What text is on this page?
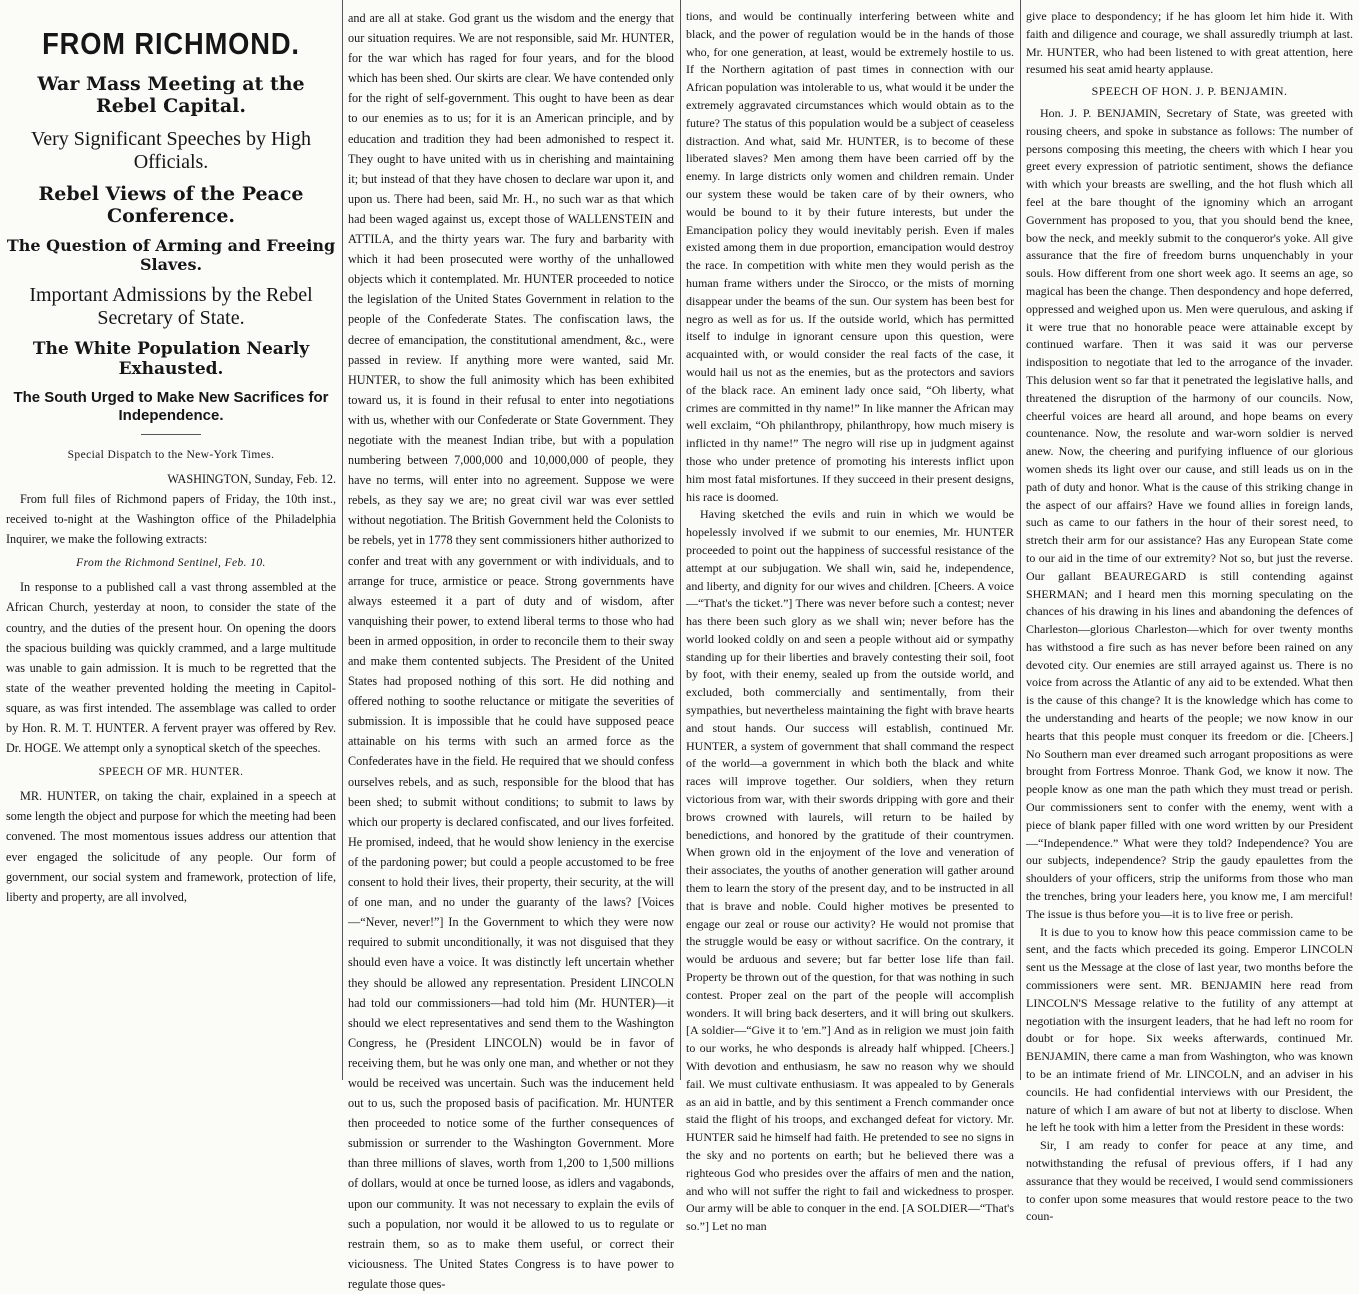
FROM RICHMOND.
War Mass Meeting at the Rebel Capital.
Very Significant Speeches by High Officials.
Rebel Views of the Peace Conference.
The Question of Arming and Freeing Slaves.
Important Admissions by the Rebel Secretary of State.
The White Population Nearly Exhausted.
The South Urged to Make New Sacrifices for Independence.

Special Dispatch to the New-York Times.

WASHINGTON, Sunday, Feb. 12.

From full files of Richmond papers of Friday, the 10th inst., received to-night at the Washington office of the Philadelphia Inquirer, we make the following extracts:

From the Richmond Sentinel, Feb. 10.

In response to a published call a vast throng assembled at the African Church, yesterday at noon, to consider the state of the country, and the duties of the present hour. On opening the doors the spacious building was quickly crammed, and a large multitude was unable to gain admission. It is much to be regretted that the state of the weather prevented holding the meeting in Capitol-square, as was first intended. The assemblage was called to order by Hon. R. M. T. HUNTER. A fervent prayer was offered by Rev. Dr. HOGE. We attempt only a synoptical sketch of the speeches.

SPEECH OF MR. HUNTER.

MR. HUNTER, on taking the chair, explained in a speech at some length the object and purpose for which the meeting had been convened. The most momentous issues address our attention that ever engaged the solicitude of any people. Our form of government, our social system and framework, protection of life, liberty and property, are all involved,

and are all at stake. God grant us the wisdom and the energy that our situation requires. We are not responsible, said Mr. HUNTER, for the war which has raged for four years, and for the blood which has been shed. Our skirts are clear. We have contended only for the right of self-government. This ought to have been as dear to our enemies as to us; for it is an American principle, and by education and tradition they had been admonished to respect it. They ought to have united with us in cherishing and maintaining it; but instead of that they have chosen to declare war upon it, and upon us. There had been, said Mr. H., no such war as that which had been waged against us, except those of WALLENSTEIN and ATTILA, and the thirty years war. The fury and barbarity with which it had been prosecuted were worthy of the unhallowed objects which it contemplated. Mr. HUNTER proceeded to notice the legislation of the United States Government in relation to the people of the Confederate States. The confiscation laws, the decree of emancipation, the constitutional amendment, &c., were passed in review. If anything more were wanted, said Mr. HUNTER, to show the full animosity which has been exhibited toward us, it is found in their refusal to enter into negotiations with us, whether with our Confederate or State Government. They negotiate with the meanest Indian tribe, but with a population numbering between 7,000,000 and 10,000,000 of people, they have no terms, will enter into no agreement. Suppose we were rebels, as they say we are; no great civil war was ever settled without negotiation. The British Government held the Colonists to be rebels, yet in 1778 they sent commissioners hither authorized to confer and treat with any government or with individuals, and to arrange for truce, armistice or peace. Strong governments have always esteemed it a part of duty and of wisdom, after vanquishing their power, to extend liberal terms to those who had been in armed opposition, in order to reconcile them to their sway and make them contented subjects. The President of the United States had proposed nothing of this sort. He did nothing and offered nothing to soothe reluctance or mitigate the severities of submission. It is impossible that he could have supposed peace attainable on his terms with such an armed force as the Confederates have in the field. He required that we should confess ourselves rebels, and as such, responsible for the blood that has been shed; to submit without conditions; to submit to laws by which our property is declared confiscated, and our lives forfeited. He promised, indeed, that he would show leniency in the exercise of the pardoning power; but could a people accustomed to be free consent to hold their lives, their property, their security, at the will of one man, and no under the guaranty of the laws? [Voices—“Never, never!”] In the Government to which they were now required to submit unconditionally, it was not disguised that they should even have a voice. It was distinctly left uncertain whether they should be allowed any representation. President LINCOLN had told our commissioners—had told him (Mr. HUNTER)—it should we elect representatives and send them to the Washington Congress, he (President LINCOLN) would be in favor of receiving them, but he was only one man, and whether or not they would be received was uncertain. Such was the inducement held out to us, such the proposed basis of pacification. Mr. HUNTER then proceeded to notice some of the further consequences of submission or surrender to the Washington Government. More than three millions of slaves, worth from 1,200 to 1,500 millions of dollars, would at once be turned loose, as idlers and vagabonds, upon our community. It was not necessary to explain the evils of such a population, nor would it be allowed to us to regulate or restrain them, so as to make them useful, or correct their viciousness. The United States Congress is to have power to regulate those ques-

tions, and would be continually interfering between white and black, and the power of regulation would be in the hands of those who, for one generation, at least, would be extremely hostile to us. If the Northern agitation of past times in connection with our African population was intolerable to us, what would it be under the extremely aggravated circumstances which would obtain as to the future? The status of this population would be a subject of ceaseless distraction. And what, said Mr. HUNTER, is to become of these liberated slaves? Men among them have been carried off by the enemy. In large districts only women and children remain. Under our system these would be taken care of by their owners, who would be bound to it by their future interests, but under the Emancipation policy they would inevitably perish. Even if males existed among them in due proportion, emancipation would destroy the race. In competition with white men they would perish as the human frame withers under the Sirocco, or the mists of morning disappear under the beams of the sun. Our system has been best for negro as well as for us. If the outside world, which has permitted itself to indulge in ignorant censure upon this question, were acquainted with, or would consider the real facts of the case, it would hail us not as the enemies, but as the protectors and saviors of the black race. An eminent lady once said, “Oh liberty, what crimes are committed in thy name!” In like manner the African may well exclaim, “Oh philanthropy, philanthropy, how much misery is inflicted in thy name!” The negro will rise up in judgment against those who under pretence of promoting his interests inflict upon him most fatal misfortunes. If they succeed in their present designs, his race is doomed.

Having sketched the evils and ruin in which we would be hopelessly involved if we submit to our enemies, Mr. HUNTER proceeded to point out the happiness of successful resistance of the attempt at our subjugation. We shall win, said he, independence, and liberty, and dignity for our wives and children. [Cheers. A voice—“That's the ticket.”] There was never before such a contest; never has there been such glory as we shall win; never before has the world looked coldly on and seen a people without aid or sympathy standing up for their liberties and bravely contesting their soil, foot by foot, with their enemy, sealed up from the outside world, and excluded, both commercially and sentimentally, from their sympathies, but nevertheless maintaining the fight with brave hearts and stout hands. Our success will establish, continued Mr. HUNTER, a system of government that shall command the respect of the world—a government in which both the black and white races will improve together. Our soldiers, when they return victorious from war, with their swords dripping with gore and their brows crowned with laurels, will return to be hailed by benedictions, and honored by the gratitude of their countrymen. When grown old in the enjoyment of the love and veneration of their associates, the youths of another generation will gather around them to learn the story of the present day, and to be instructed in all that is brave and noble. Could higher motives be presented to engage our zeal or rouse our activity? He would not promise that the struggle would be easy or without sacrifice. On the contrary, it would be arduous and severe; but far better lose life than fail. Property be thrown out of the question, for that was nothing in such contest. Proper zeal on the part of the people will accomplish wonders. It will bring back deserters, and it will bring out skulkers. [A soldier—“Give it to 'em.”] And as in religion we must join faith to our works, he who desponds is already half whipped. [Cheers.] With devotion and enthusiasm, he saw no reason why we should fail. We must cultivate enthusiasm. It was appealed to by Generals as an aid in battle, and by this sentiment a French commander once staid the flight of his troops, and exchanged defeat for victory. Mr. HUNTER said he himself had faith. He pretended to see no signs in the sky and no portents on earth; but he believed there was a righteous God who presides over the affairs of men and the nation, and who will not suffer the right to fail and wickedness to prosper. Our army will be able to conquer in the end. [A SOLDIER—“That's so.”] Let no man

give place to despondency; if he has gloom let him hide it. With faith and diligence and courage, we shall assuredly triumph at last. Mr. HUNTER, who had been listened to with great attention, here resumed his seat amid hearty applause.

SPEECH OF HON. J. P. BENJAMIN.

Hon. J. P. BENJAMIN, Secretary of State, was greeted with rousing cheers, and spoke in substance as follows: The number of persons composing this meeting, the cheers with which I hear you greet every expression of patriotic sentiment, shows the defiance with which your breasts are swelling, and the hot flush which all feel at the bare thought of the ignominy which an arrogant Government has proposed to you, that you should bend the knee, bow the neck, and meekly submit to the conqueror's yoke. All give assurance that the fire of freedom burns unquenchably in your souls. How different from one short week ago. It seems an age, so magical has been the change. Then despondency and hope deferred, oppressed and weighed upon us. Men were querulous, and asking if it were true that no honorable peace were attainable except by continued warfare. Then it was said it was our perverse indisposition to negotiate that led to the arrogance of the invader. This delusion went so far that it penetrated the legislative halls, and threatened the disruption of the harmony of our councils. Now, cheerful voices are heard all around, and hope beams on every countenance. Now, the resolute and war-worn soldier is nerved anew. Now, the cheering and purifying influence of our glorious women sheds its light over our cause, and still leads us on in the path of duty and honor. What is the cause of this striking change in the aspect of our affairs? Have we found allies in foreign lands, such as came to our fathers in the hour of their sorest need, to stretch their arm for our assistance? Has any European State come to our aid in the time of our extremity? Not so, but just the reverse. Our gallant BEAUREGARD is still contending against SHERMAN; and I heard men this morning speculating on the chances of his drawing in his lines and abandoning the defences of Charleston—glorious Charleston—which for over twenty months has withstood a fire such as has never before been rained on any devoted city. Our enemies are still arrayed against us. There is no voice from across the Atlantic of any aid to be extended. What then is the cause of this change? It is the knowledge which has come to the understanding and hearts of the people; we now know in our hearts that this people must conquer its freedom or die. [Cheers.] No Southern man ever dreamed such arrogant propositions as were brought from Fortress Monroe. Thank God, we know it now. The people know as one man the path which they must tread or perish. Our commissioners sent to confer with the enemy, went with a piece of blank paper filled with one word written by our President—“Independence.” What were they told? Independence? You are our subjects, independence? Strip the gaudy epaulettes from the shoulders of your officers, strip the uniforms from those who man the trenches, bring your leaders here, you know me, I am merciful! The issue is thus before you—it is to live free or perish.

It is due to you to know how this peace commission came to be sent, and the facts which preceded its going. Emperor LINCOLN sent us the Message at the close of last year, two months before the commissioners were sent. MR. BENJAMIN here read from LINCOLN'S Message relative to the futility of any attempt at negotiation with the insurgent leaders, that he had left no room for doubt or for hope. Six weeks afterwards, continued Mr. BENJAMIN, there came a man from Washington, who was known to be an intimate friend of Mr. LINCOLN, and an adviser in his councils. He had confidential interviews with our President, the nature of which I am aware of but not at liberty to disclose. When he left he took with him a letter from the President in these words:

Sir, I am ready to confer for peace at any time, and notwithstanding the refusal of previous offers, if I had any assurance that they would be received, I would send commissioners to confer upon some measures that would restore peace to the two coun-
